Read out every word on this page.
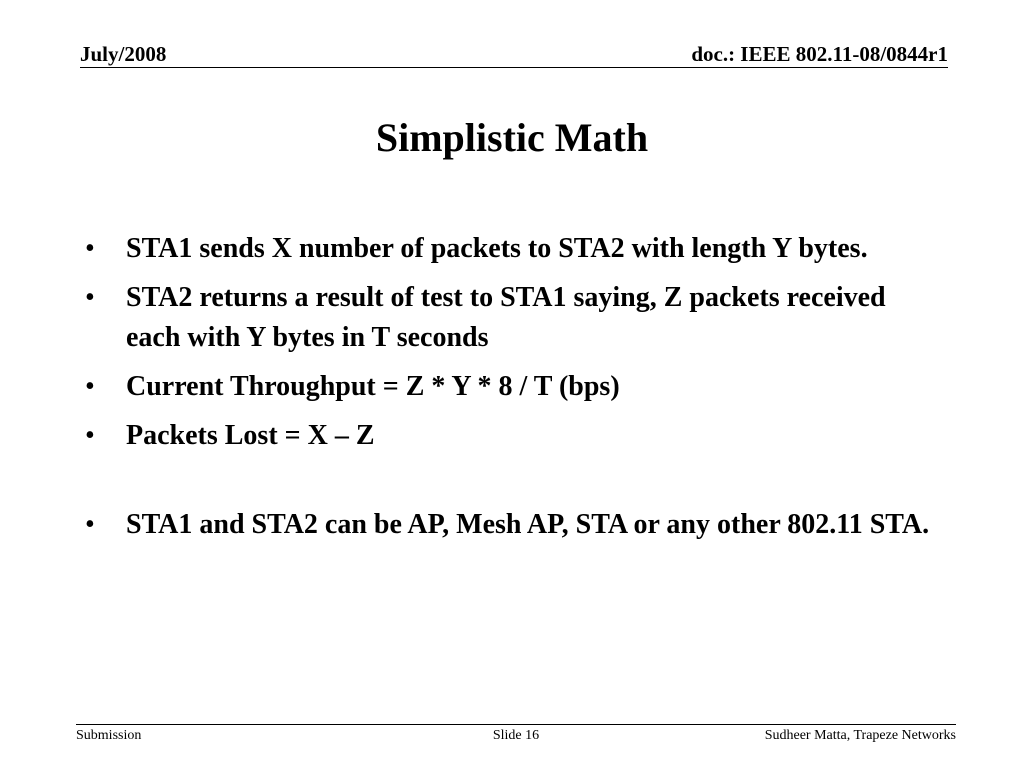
July/2008	doc.: IEEE 802.11-08/0844r1
Simplistic Math
• STA1 sends X number of packets to STA2 with length Y bytes.
• STA2 returns a result of test to STA1 saying, Z packets received each with Y bytes in T seconds
• Current Throughput = Z * Y * 8 / T (bps)
• Packets Lost = X – Z
• STA1 and STA2 can be AP, Mesh AP, STA or any other 802.11 STA.
Submission	Slide 16	Sudheer Matta, Trapeze Networks
